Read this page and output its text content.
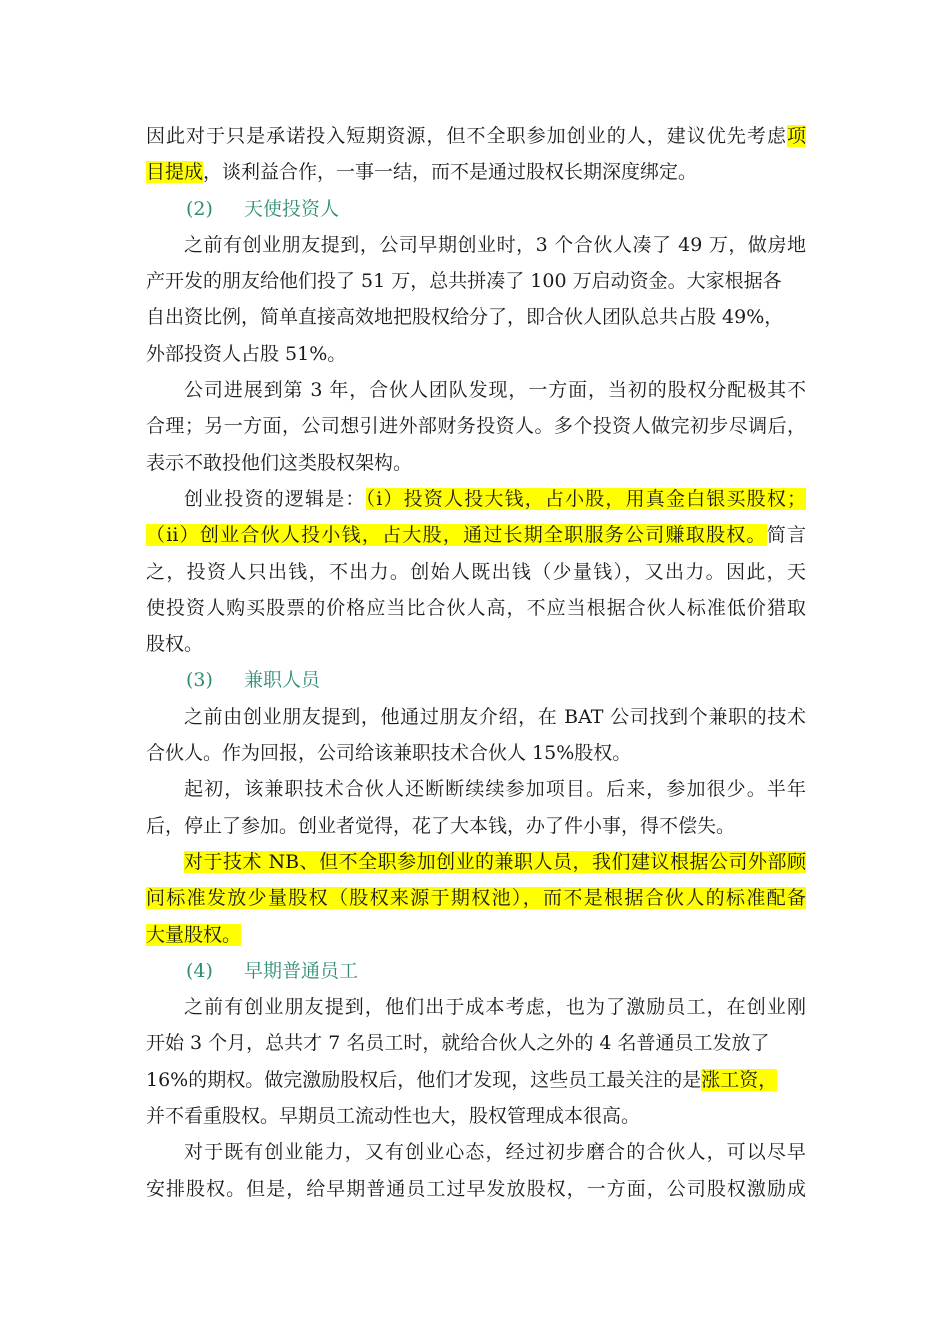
因此对于只是承诺投入短期资源，但不全职参加创业的人，建议优先考虑项
目提成，谈利益合作，一事一结，而不是通过股权长期深度绑定。
(2) 天使投资人
之前有创业朋友提到，公司早期创业时，3 个合伙人凑了 49 万，做房地
产开发的朋友给他们投了 51 万，总共拼凑了 100 万启动资金。大家根据各
自出资比例，简单直接高效地把股权给分了，即合伙人团队总共占股 49%，
外部投资人占股 51%。
公司进展到第 3 年，合伙人团队发现，一方面，当初的股权分配极其不
合理；另一方面，公司想引进外部财务投资人。多个投资人做完初步尽调后，
表示不敢投他们这类股权架构。
创业投资的逻辑是：（i）投资人投大钱，占小股，用真金白银买股权；
（ii）创业合伙人投小钱，占大股，通过长期全职服务公司赚取股权。简言
之，投资人只出钱，不出力。创始人既出钱（少量钱），又出力。因此，天
使投资人购买股票的价格应当比合伙人高，不应当根据合伙人标准低价猎取
股权。
(3) 兼职人员
之前由创业朋友提到，他通过朋友介绍，在 BAT 公司找到个兼职的技术
合伙人。作为回报，公司给该兼职技术合伙人 15%股权。
起初，该兼职技术合伙人还断断续续参加项目。后来，参加很少。半年
后，停止了参加。创业者觉得，花了大本钱，办了件小事，得不偿失。
对于技术 NB、但不全职参加创业的兼职人员，我们建议根据公司外部顾
问标准发放少量股权（股权来源于期权池），而不是根据合伙人的标准配备
大量股权。
(4) 早期普通员工
之前有创业朋友提到，他们出于成本考虑，也为了激励员工，在创业刚
开始 3 个月，总共才 7 名员工时，就给合伙人之外的 4 名普通员工发放了
16%的期权。做完激励股权后，他们才发现，这些员工最关注的是涨工资，
并不看重股权。早期员工流动性也大，股权管理成本很高。
对于既有创业能力，又有创业心态，经过初步磨合的合伙人，可以尽早
安排股权。但是，给早期普通员工过早发放股权，一方面，公司股权激励成
